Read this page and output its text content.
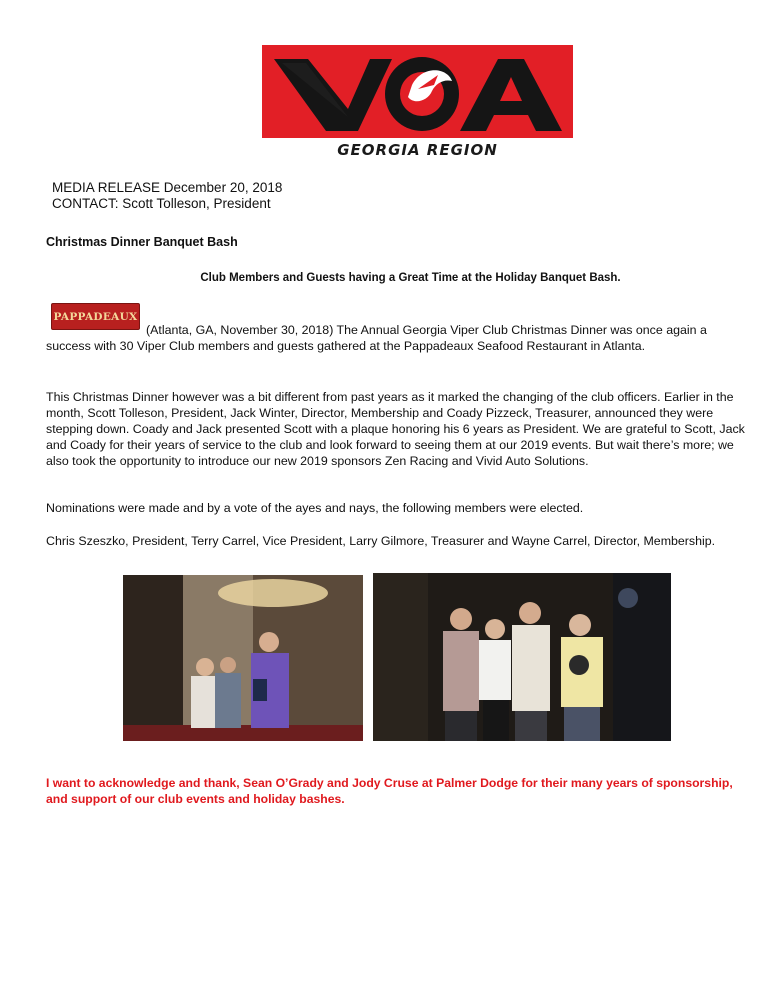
GEORGIA REGION
MEDIA RELEASE December 20, 2018
CONTACT: Scott Tolleson, President
Christmas Dinner Banquet Bash
Club Members and Guests having a Great Time at the Holiday Banquet Bash.
PAPPADEAUX
(Atlanta, GA, November 30, 2018) The Annual Georgia Viper Club Christmas Dinner was once again a success with 30 Viper Club members and guests gathered at the Pappadeaux Seafood Restaurant in Atlanta.
This Christmas Dinner however was a bit different from past years as it marked the changing of the club officers. Earlier in the month, Scott Tolleson, President, Jack Winter, Director, Membership and Coady Pizzeck, Treasurer, announced they were stepping down. Coady and Jack presented Scott with a plaque honoring his 6 years as President. We are grateful to Scott, Jack and Coady for their years of service to the club and look forward to seeing them at our 2019 events. But wait there’s more; we also took the opportunity to introduce our new 2019 sponsors Zen Racing and Vivid Auto Solutions.
Nominations were made and by a vote of the ayes and nays, the following members were elected.
Chris Szeszko, President, Terry Carrel, Vice President, Larry Gilmore, Treasurer and Wayne Carrel, Director, Membership.
I want to acknowledge and thank, Sean O’Grady and Jody Cruse at Palmer Dodge for their many years of sponsorship, and support of our club events and holiday bashes.
